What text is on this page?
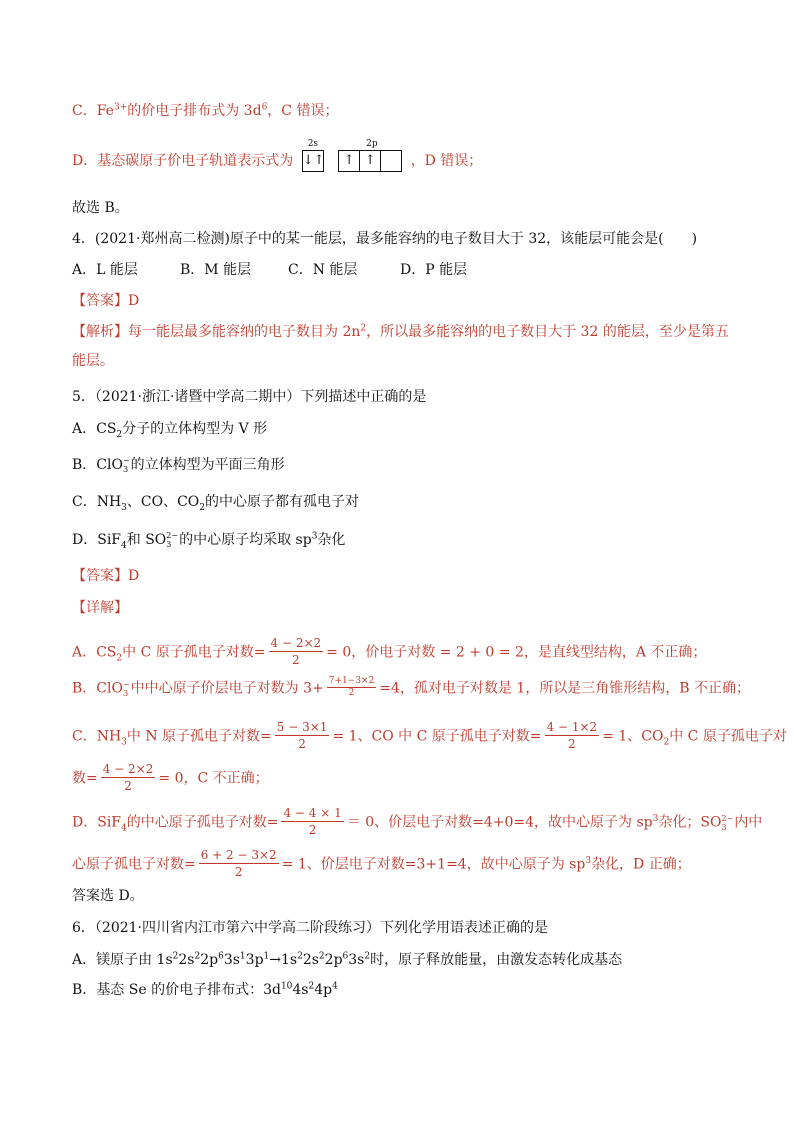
C．$Fe^{3+}$的价电子排布式为 $3d^6$，C 错误；
D．基态碳原子价电子轨道表示式为
2s
↓↑
2p
↑ ↑	，D 错误；
故选 B。
4．(2021·郑州高二检测)原子中的某一能层，最多能容纳的电子数目大于 32，该能层可能会是(　　)
A．L 能层	B．M 能层	C．N 能层	D．P 能层
【答案】D
【解析】每一能层最多能容纳的电子数目为 $2n^2$，所以最多能容纳的电子数目大于 32 的能层，至少是第五
能层。
5．（2021·浙江·诸暨中学高二期中）下列描述中正确的是
A．$CS_2$分子的立体构型为 V 形
B．ClO −
3 的立体构型为平面三角形
C．$NH_3$、CO、$CO_2$的中心原子都有孤电子对
D．SiF$_4$和 SO 2−
3 的中心原子均采取 $sp^3$杂化
【答案】D
【详解】
A．$CS_2$中 C 原子孤电子对数= $\frac{4 - 2\times 2}{2} = 0$，价电子对数 = 2 + 0 = 2，是直线型结构，A 不正确；
B．ClO −
3 中中心原子价层电子对数为 $3+ \frac{7+1-3\times 2}{2} =4$，孤对电子对数是 1，所以是三角锥形结构，B 不正确；
C．$NH_3$中 N 原子孤电子对数= $\frac{5 - 3\times 1}{2} = 1$、CO 中 C 原子孤电子对数= $\frac{4 - 1\times 2}{2} = 1$、$CO_2$中 C 原子孤电子对
数= $\frac{4 - 2\times 2}{2} = 0$，C 不正确；
D．SiF$_4$的中心原子孤电子对数= $\frac{4 - 4 \times 1}{2} = 0$、价层电子对数=4+0=4，故中心原子为 $sp^3$杂化；SO 2−
3 内中
心原子孤电子对数= $\frac{6 + 2 - 3\times 2}{2} = 1$、价层电子对数=3+1=4，故中心原子为 $sp^3$杂化，D 正确；
答案选 D。
6．（2021·四川省内江市第六中学高二阶段练习）下列化学用语表述正确的是
A．镁原子由 $1s^22s^22p^63s^13p^1\to 1s^22s^22p^63s^2$时，原子释放能量，由激发态转化成基态
B．基态 Se 的价电子排布式：$3d^{10}4s^24p^4$
